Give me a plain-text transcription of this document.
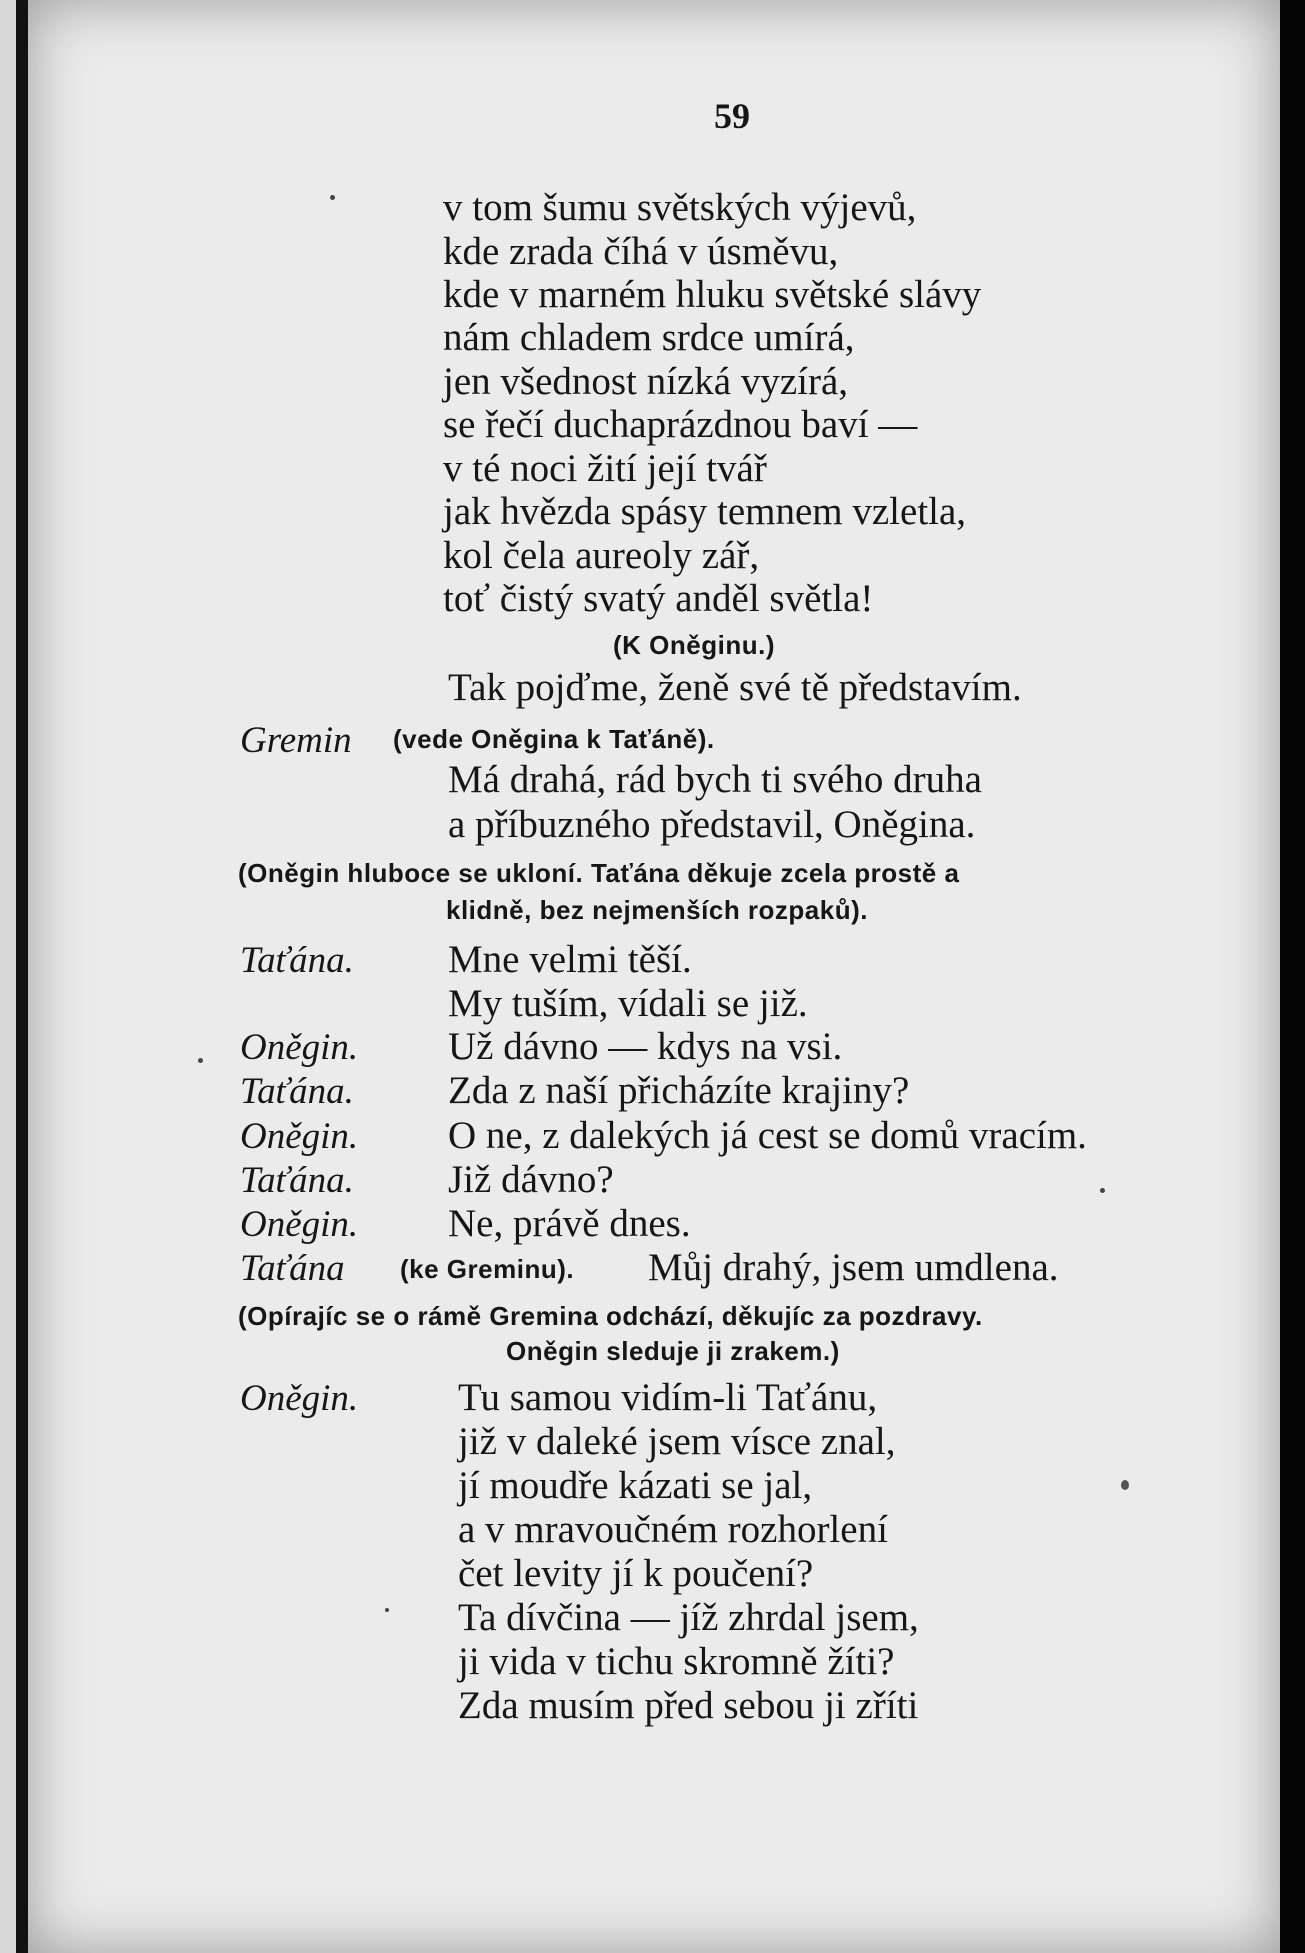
59
v tom šumu světských výjevů,
kde zrada číhá v úsměvu,
kde v marném hluku světské slávy
nám chladem srdce umírá,
jen všednost nízká vyzírá,
se řečí duchaprázdnou baví —
v té noci žití její tvář
jak hvězda spásy temnem vzletla,
kol čela aureoly zář,
toť čistý svatý anděl světla!
(K Oněginu.)
Tak pojďme, ženě své tě představím.
Gremin (vede Oněgina k Taťáně).
Má drahá, rád bych ti svého druha
a příbuzného představil, Oněgina.
(Oněgin hluboce se ukloní. Taťána děkuje zcela prostě a
klidně, bez nejmenších rozpaků).
Taťána. Mne velmi těší.
My tuším, vídali se již.
Oněgin. Už dávno — kdys na vsi.
Taťána. Zda z naší přicházíte krajiny?
Oněgin. O ne, z dalekých já cest se domů vracím.
Taťána. Již dávno?
Oněgin. Ne, právě dnes.
Taťána (ke Greminu). Můj drahý, jsem umdlena.
(Opírajíc se o rámě Gremina odchází, děkujíc za pozdravy.
Oněgin sleduje ji zrakem.)
Oněgin.	Tu samou vidím-li Taťánu,
již v daleké jsem vísce znal,
jí moudře kázati se jal,
a v mravoučném rozhorlení
čet levity jí k poučení?
Ta dívčina — jíž zhrdal jsem,
ji vida v tichu skromně žíti?
Zda musím před sebou ji zříti
